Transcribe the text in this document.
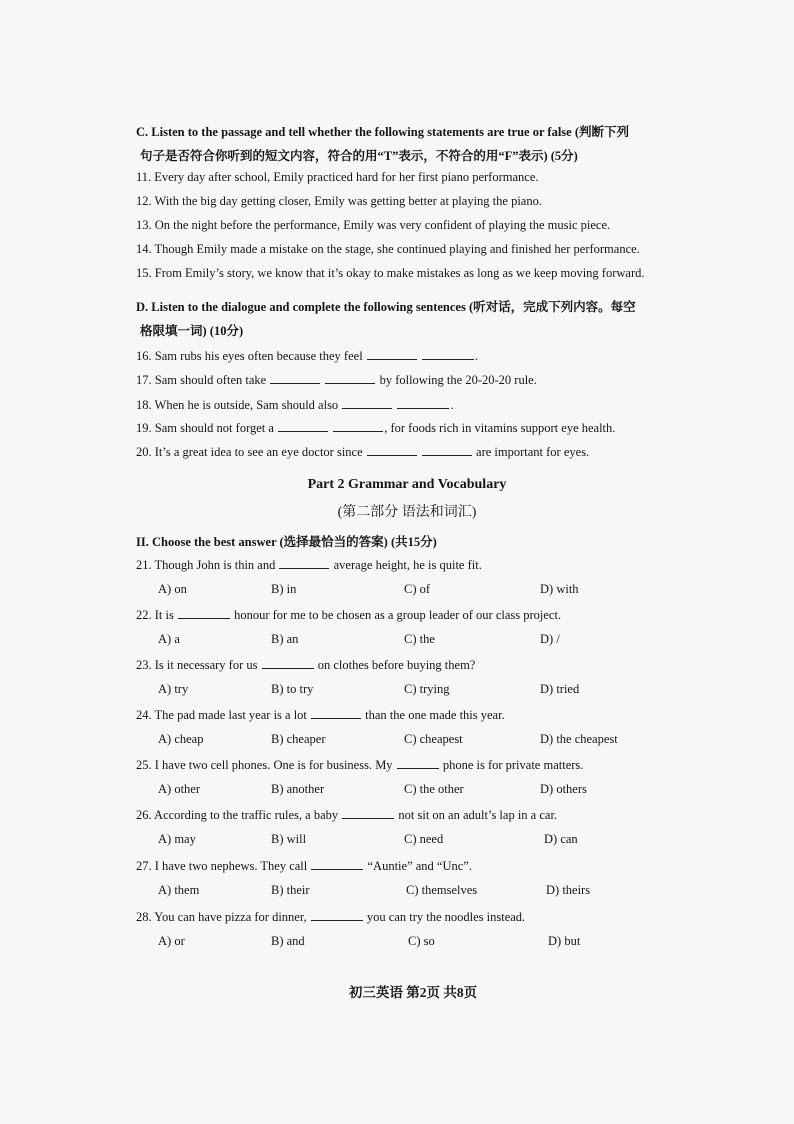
C. Listen to the passage and tell whether the following statements are true or false (判断下列
句子是否符合你听到的短文内容，符合的用“T”表示，不符合的用“F”表示) (5分)
11. Every day after school, Emily practiced hard for her first piano performance.
12. With the big day getting closer, Emily was getting better at playing the piano.
13. On the night before the performance, Emily was very confident of playing the music piece.
14. Though Emily made a mistake on the stage, she continued playing and finished her performance.
15. From Emily’s story, we know that it’s okay to make mistakes as long as we keep moving forward.
D. Listen to the dialogue and complete the following sentences (听对话，完成下列内容。每空
格限填一词) (10分)
16. Sam rubs his eyes often because they feel	.
17. Sam should often take	by following the 20-20-20 rule.
18. When he is outside, Sam should also	.
19. Sam should not forget a	, for foods rich in vitamins support eye health.
20. It’s a great idea to see an eye doctor since	are important for eyes.
Part 2 Grammar and Vocabulary
(第二部分 语法和词汇)
II. Choose the best answer (选择最恰当的答案) (共15分)
21. Though John is thin and	average height, he is quite fit.
A) on	B) in	C) of	D) with
22. It is	honour for me to be chosen as a group leader of our class project.
A) a	B) an	C) the	D) /
23. Is it necessary for us	on clothes before buying them?
A) try	B) to try	C) trying	D) tried
24. The pad made last year is a lot	than the one made this year.
A) cheap	B) cheaper	C) cheapest	D) the cheapest
25. I have two cell phones. One is for business. My	phone is for private matters.
A) other	B) another	C) the other	D) others
26. According to the traffic rules, a baby	not sit on an adult’s lap in a car.
A) may	B) will	C) need	D) can
27. I have two nephews. They call	“Auntie” and “Unc”.
A) them	B) their	C) themselves	D) theirs
28. You can have pizza for dinner,	you can try the noodles instead.
A) or	B) and	C) so	D) but
初三英语 第2页 共8页
